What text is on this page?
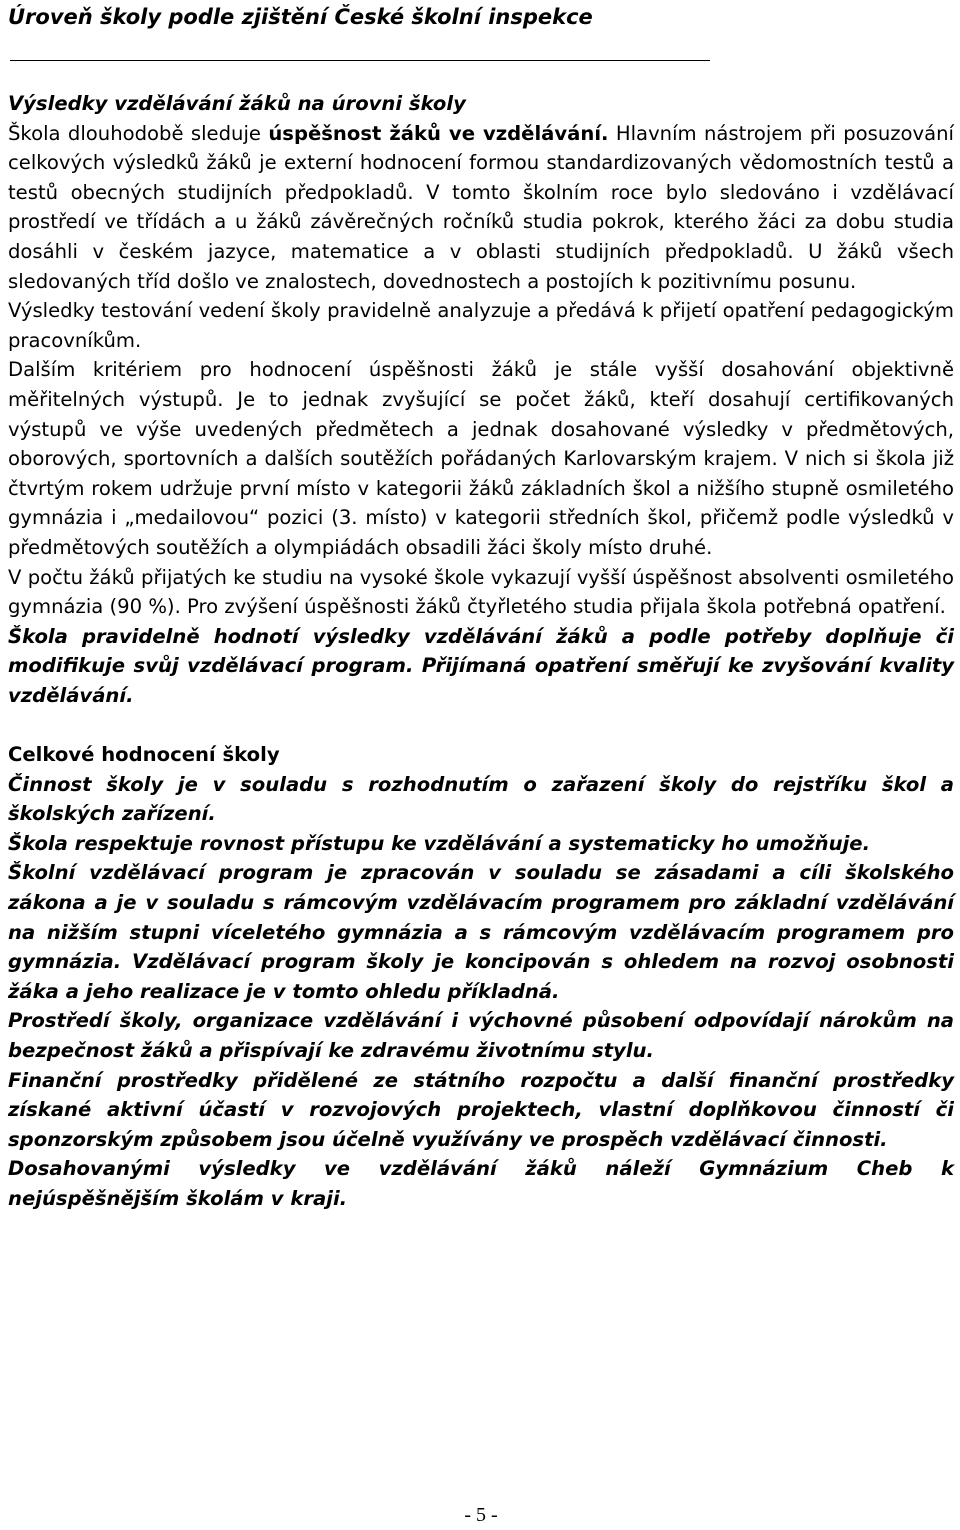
Úroveň školy podle zjištění České školní inspekce

Výsledky vzdělávání žáků na úrovni školy

Škola dlouhodobě sleduje úspěšnost žáků ve vzdělávání. Hlavním nástrojem při posuzování celkových výsledků žáků je externí hodnocení formou standardizovaných vědomostních testů a testů obecných studijních předpokladů. V tomto školním roce bylo sledováno i vzdělávací prostředí ve třídách a u žáků závěrečných ročníků studia pokrok, kterého žáci za dobu studia dosáhli v českém jazyce, matematice a v oblasti studijních předpokladů. U žáků všech sledovaných tříd došlo ve znalostech, dovednostech a postojích k pozitivnímu posunu.

Výsledky testování vedení školy pravidelně analyzuje a předává k přijetí opatření pedagogickým pracovníkům.

Dalším kritériem pro hodnocení úspěšnosti žáků je stále vyšší dosahování objektivně měřitelných výstupů. Je to jednak zvyšující se počet žáků, kteří dosahují certifikovaných výstupů ve výše uvedených předmětech a jednak dosahované výsledky v předmětových, oborových, sportovních a dalších soutěžích pořádaných Karlovarským krajem. V nich si škola již čtvrtým rokem udržuje první místo v kategorii žáků základních škol a nižšího stupně osmiletého gymnázia i „medailovou“ pozici (3. místo) v kategorii středních škol, přičemž podle výsledků v předmětových soutěžích a olympiádách obsadili žáci školy místo druhé.

V počtu žáků přijatých ke studiu na vysoké škole vykazují vyšší úspěšnost absolventi osmiletého gymnázia (90 %). Pro zvýšení úspěšnosti žáků čtyřletého studia přijala škola potřebná opatření.

Škola pravidelně hodnotí výsledky vzdělávání žáků a podle potřeby doplňuje či modifikuje svůj vzdělávací program. Přijímaná opatření směřují ke zvyšování kvality vzdělávání.

Celkové hodnocení školy

Činnost školy je v souladu s rozhodnutím o zařazení školy do rejstříku škol a školských zařízení.

Škola respektuje rovnost přístupu ke vzdělávání a systematicky ho umožňuje.

Školní vzdělávací program je zpracován v souladu se zásadami a cíli školského zákona a je v souladu s rámcovým vzdělávacím programem pro základní vzdělávání na nižším stupni víceletého gymnázia a s rámcovým vzdělávacím programem pro gymnázia. Vzdělávací program školy je koncipován s ohledem na rozvoj osobnosti žáka a jeho realizace je v tomto ohledu příkladná.

Prostředí školy, organizace vzdělávání i výchovné působení odpovídají nárokům na bezpečnost žáků a přispívají ke zdravému životnímu stylu.

Finanční prostředky přidělené ze státního rozpočtu a další finanční prostředky získané aktivní účastí v rozvojových projektech, vlastní doplňkovou činností či sponzorským způsobem jsou účelně využívány ve prospěch vzdělávací činnosti.

Dosahovanými výsledky ve vzdělávání žáků náleží Gymnázium Cheb k nejúspěšnějším školám v kraji.

- 5 -
